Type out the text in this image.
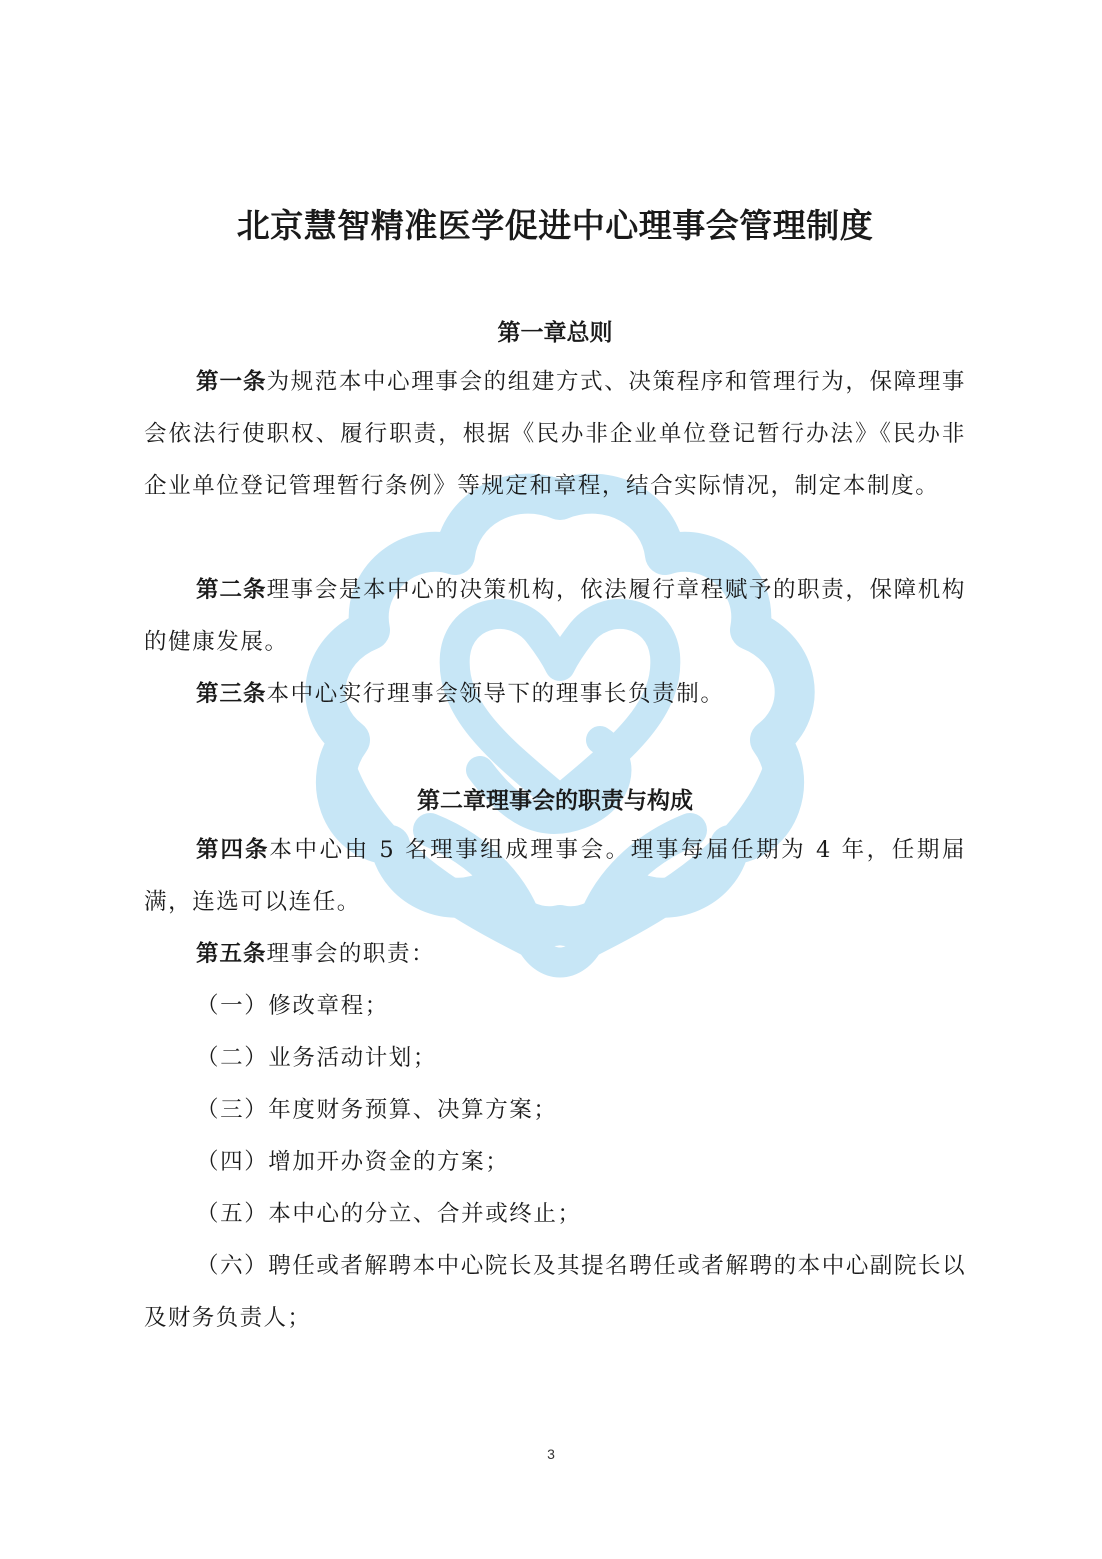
北京慧智精准医学促进中心理事会管理制度
第一章总则

第一条为规范本中心理事会的组建方式、决策程序和管理行为，保障理事会依法行使职权、履行职责，根据《民办非企业单位登记暂行办法》《民办非企业单位登记管理暂行条例》等规定和章程，结合实际情况，制定本制度。

第二条理事会是本中心的决策机构，依法履行章程赋予的职责，保障机构的健康发展。

第三条本中心实行理事会领导下的理事长负责制。

第二章理事会的职责与构成

第四条本中心由 5 名理事组成理事会。理事每届任期为 4 年，任期届满，连选可以连任。

第五条理事会的职责：

（一）修改章程；

（二）业务活动计划；

（三）年度财务预算、决算方案；

（四）增加开办资金的方案；

（五）本中心的分立、合并或终止；

（六）聘任或者解聘本中心院长及其提名聘任或者解聘的本中心副院长以及财务负责人；

3
